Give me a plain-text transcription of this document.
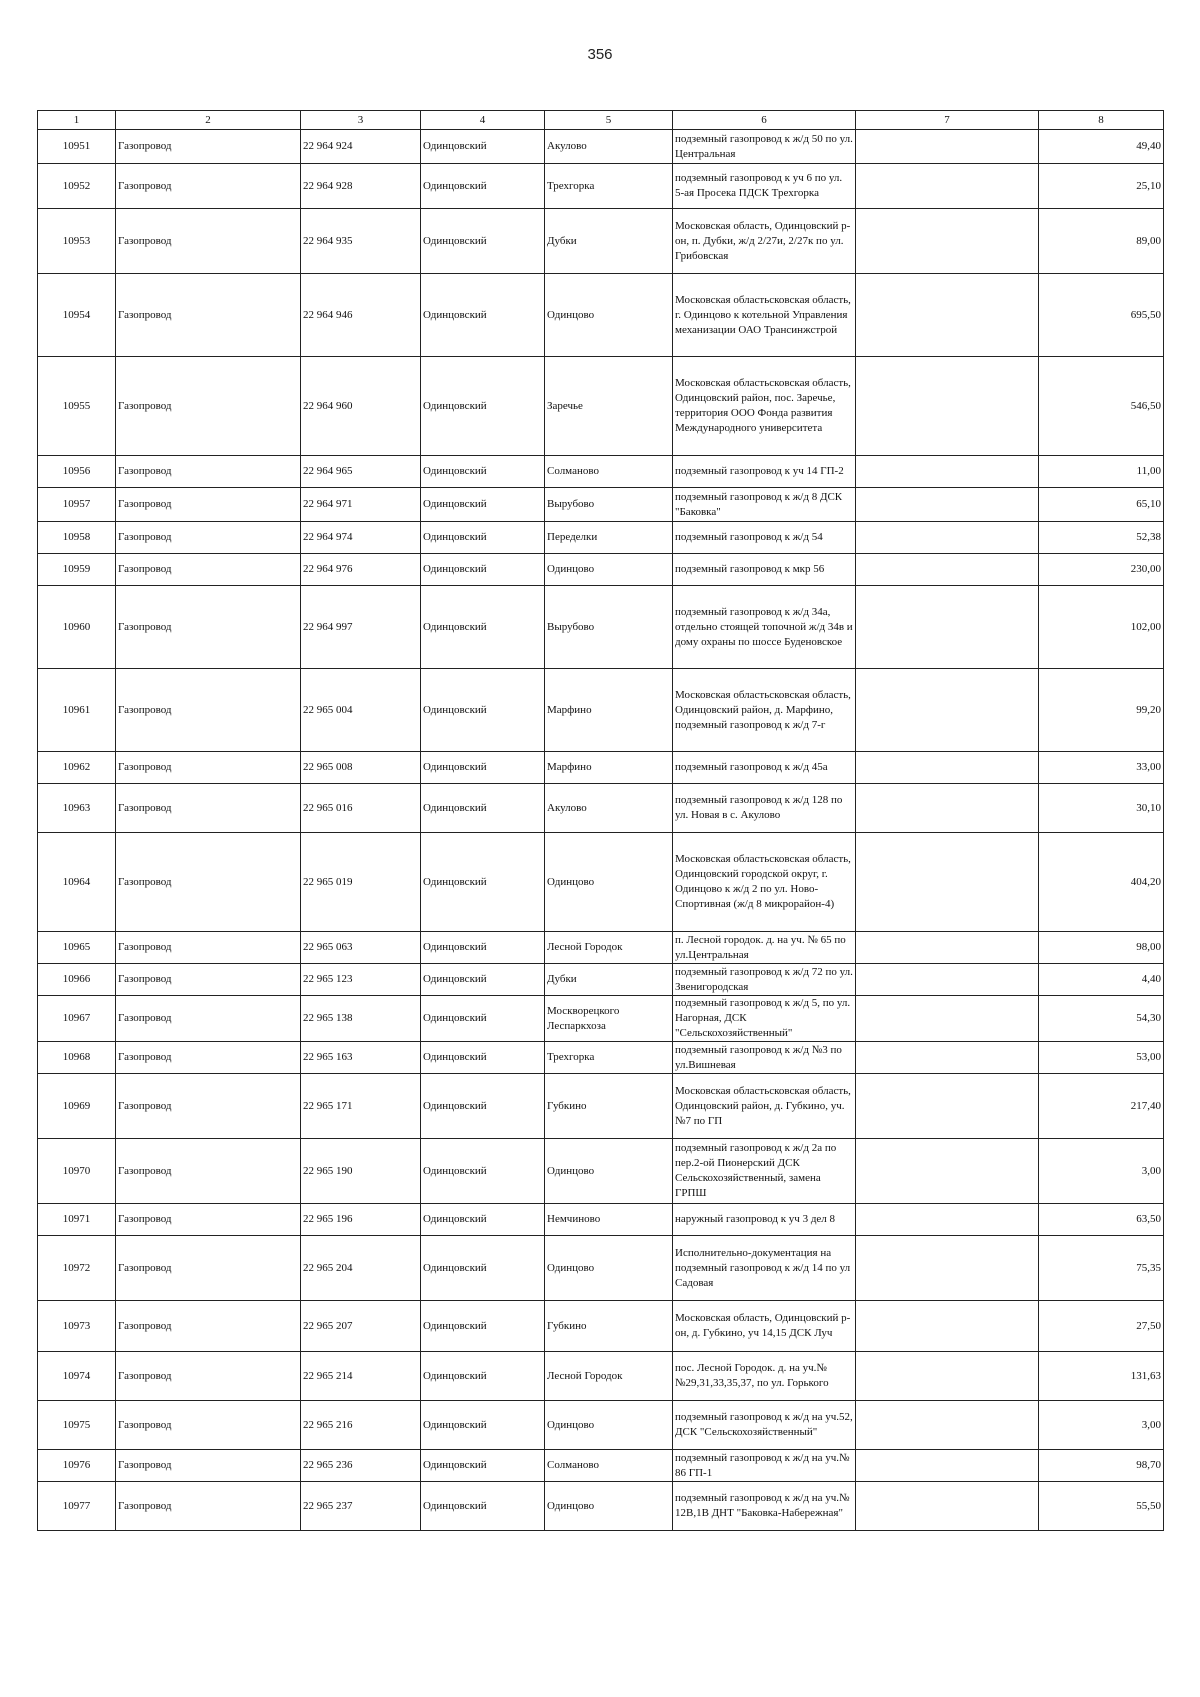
356
1	2	3	4	5	6	7	8
10951	Газопровод	22 964 924	Одинцовский	Акулово	подземный газопровод к ж/д 50 по ул. Центральная		49,40
10952	Газопровод	22 964 928	Одинцовский	Трехгорка	подземный газопровод к уч 6 по ул. 5-ая Просека ПДСК Трехгорка		25,10
10953	Газопровод	22 964 935	Одинцовский	Дубки	Московская область, Одинцовский р-он, п. Дубки, ж/д 2/27и, 2/27к по ул. Грибовская		89,00
10954	Газопровод	22 964 946	Одинцовский	Одинцово	Московская областьсковская область, г. Одинцово к котельной Управления механизации ОАО Трансинжстрой		695,50
10955	Газопровод	22 964 960	Одинцовский	Заречье	Московская областьсковская область, Одинцовский район, пос. Заречье, территория ООО Фонда развития Международного университета		546,50
10956	Газопровод	22 964 965	Одинцовский	Солманово	подземный газопровод к уч 14 ГП-2		11,00
10957	Газопровод	22 964 971	Одинцовский	Вырубово	подземный газопровод к ж/д 8 ДСК "Баковка"		65,10
10958	Газопровод	22 964 974	Одинцовский	Переделки	подземный газопровод к ж/д 54		52,38
10959	Газопровод	22 964 976	Одинцовский	Одинцово	подземный газопровод к мкр 56		230,00
10960	Газопровод	22 964 997	Одинцовский	Вырубово	подземный газопровод к ж/д 34а, отдельно стоящей топочной ж/д 34в и дому охраны по шоссе Буденовское		102,00
10961	Газопровод	22 965 004	Одинцовский	Марфино	Московская областьсковская область, Одинцовский район, д. Марфино, подземный газопровод к ж/д 7-г		99,20
10962	Газопровод	22 965 008	Одинцовский	Марфино	подземный газопровод к ж/д 45а		33,00
10963	Газопровод	22 965 016	Одинцовский	Акулово	подземный газопровод к ж/д 128 по ул. Новая в с. Акулово		30,10
10964	Газопровод	22 965 019	Одинцовский	Одинцово	Московская областьсковская область, Одинцовский городской округ, г. Одинцово к ж/д 2 по ул. Ново-Спортивная (ж/д 8 микрорайон-4)		404,20
10965	Газопровод	22 965 063	Одинцовский	Лесной Городок	п. Лесной городок. д. на уч. № 65 по ул.Центральная		98,00
10966	Газопровод	22 965 123	Одинцовский	Дубки	подземный газопровод к ж/д 72 по ул. Звенигородская		4,40
10967	Газопровод	22 965 138	Одинцовский	Москворецкого Леспаркхоза	подземный газопровод к ж/д 5, по ул. Нагорная, ДСК "Сельскохозяйственный"		54,30
10968	Газопровод	22 965 163	Одинцовский	Трехгорка	подземный газопровод к ж/д №3 по ул.Вишневая		53,00
10969	Газопровод	22 965 171	Одинцовский	Губкино	Московская областьсковская область, Одинцовский район, д. Губкино, уч.№7 по ГП		217,40
10970	Газопровод	22 965 190	Одинцовский	Одинцово	подземный газопровод к ж/д 2а по пер.2-ой Пионерский ДСК Сельскохозяйственный, замена ГРПШ		3,00
10971	Газопровод	22 965 196	Одинцовский	Немчиново	наружный газопровод к уч 3 дел 8		63,50
10972	Газопровод	22 965 204	Одинцовский	Одинцово	Исполнительно-документация на подземный газопровод к ж/д 14 по ул Садовая		75,35
10973	Газопровод	22 965 207	Одинцовский	Губкино	Московская область, Одинцовский р-он, д. Губкино, уч 14,15 ДСК Луч		27,50
10974	Газопровод	22 965 214	Одинцовский	Лесной Городок	пос. Лесной Городок. д. на уч.№№29,31,33,35,37, по ул. Горького		131,63
10975	Газопровод	22 965 216	Одинцовский	Одинцово	подземный газопровод к ж/д на уч.52, ДСК "Сельскохозяйственный"		3,00
10976	Газопровод	22 965 236	Одинцовский	Солманово	подземный газопровод к ж/д на уч.№ 86 ГП-1		98,70
10977	Газопровод	22 965 237	Одинцовский	Одинцово	подземный газопровод к ж/д на уч.№ 12В,1В ДНТ "Баковка-Набережная"		55,50
